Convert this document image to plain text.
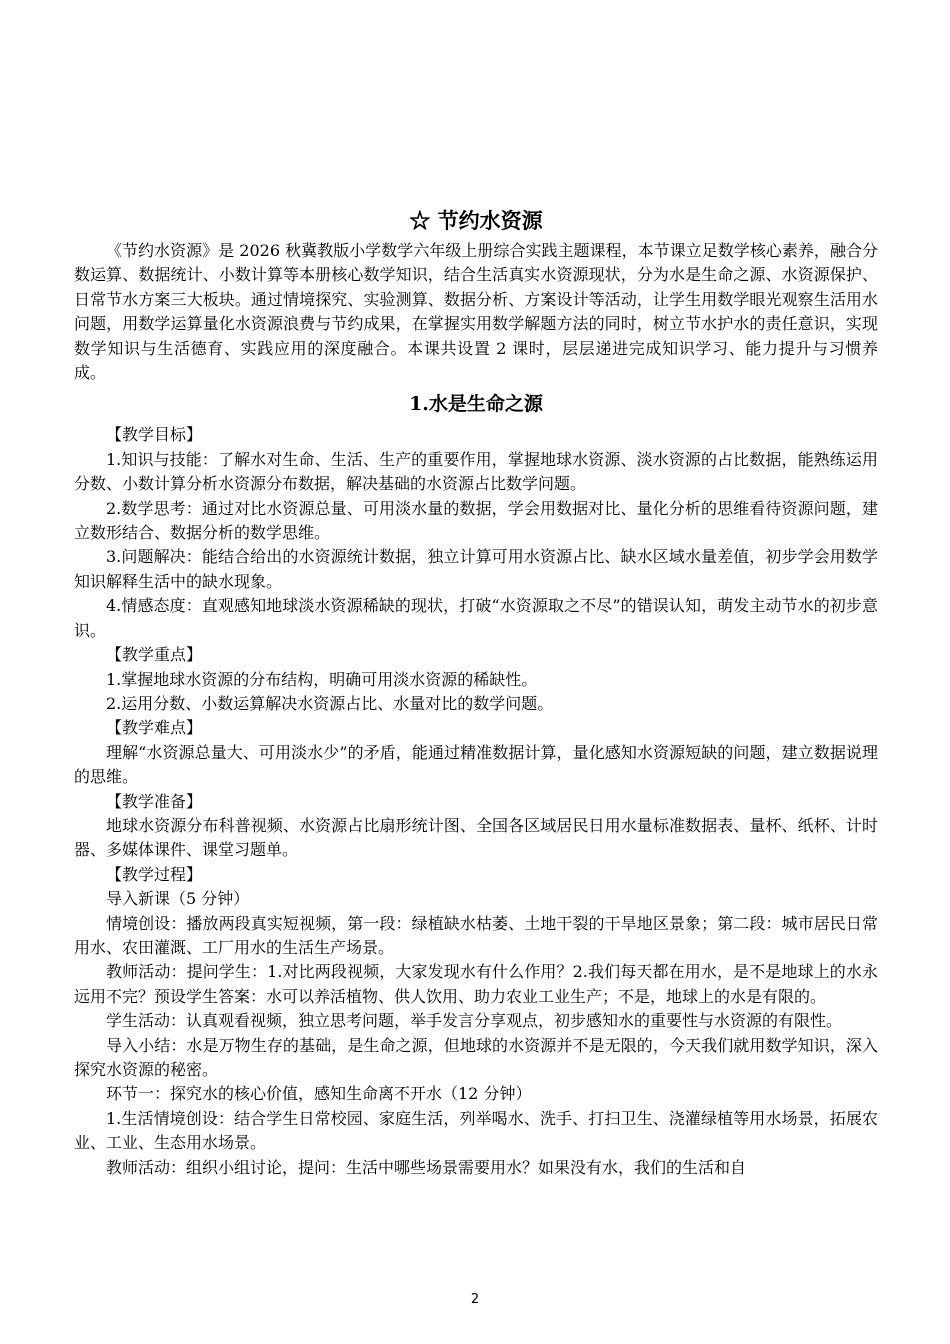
☆ 节约水资源

《节约水资源》是 2026 秋冀教版小学数学六年级上册综合实践主题课程，本节课立足数学核心素养，融合分数运算、数据统计、小数计算等本册核心数学知识，结合生活真实水资源现状，分为水是生命之源、水资源保护、日常节水方案三大板块。通过情境探究、实验测算、数据分析、方案设计等活动，让学生用数学眼光观察生活用水问题，用数学运算量化水资源浪费与节约成果，在掌握实用数学解题方法的同时，树立节水护水的责任意识，实现数学知识与生活德育、实践应用的深度融合。本课共设置 2 课时，层层递进完成知识学习、能力提升与习惯养成。

1.水是生命之源

【教学目标】

1.知识与技能：了解水对生命、生活、生产的重要作用，掌握地球水资源、淡水资源的占比数据，能熟练运用分数、小数计算分析水资源分布数据，解决基础的水资源占比数学问题。

2.数学思考：通过对比水资源总量、可用淡水量的数据，学会用数据对比、量化分析的思维看待资源问题，建立数形结合、数据分析的数学思维。

3.问题解决：能结合给出的水资源统计数据，独立计算可用水资源占比、缺水区域水量差值，初步学会用数学知识解释生活中的缺水现象。

4.情感态度：直观感知地球淡水资源稀缺的现状，打破“水资源取之不尽”的错误认知，萌发主动节水的初步意识。

【教学重点】

1.掌握地球水资源的分布结构，明确可用淡水资源的稀缺性。

2.运用分数、小数运算解决水资源占比、水量对比的数学问题。

【教学难点】

理解“水资源总量大、可用淡水少”的矛盾，能通过精准数据计算，量化感知水资源短缺的问题，建立数据说理的思维。

【教学准备】

地球水资源分布科普视频、水资源占比扇形统计图、全国各区域居民日用水量标准数据表、量杯、纸杯、计时器、多媒体课件、课堂习题单。

【教学过程】

导入新课（5 分钟）

情境创设：播放两段真实短视频，第一段：绿植缺水枯萎、土地干裂的干旱地区景象；第二段：城市居民日常用水、农田灌溉、工厂用水的生活生产场景。

教师活动：提问学生：1.对比两段视频，大家发现水有什么作用？2.我们每天都在用水，是不是地球上的水永远用不完？预设学生答案：水可以养活植物、供人饮用、助力农业工业生产；不是，地球上的水是有限的。

学生活动：认真观看视频，独立思考问题，举手发言分享观点，初步感知水的重要性与水资源的有限性。

导入小结：水是万物生存的基础，是生命之源，但地球的水资源并不是无限的，今天我们就用数学知识，深入探究水资源的秘密。

环节一：探究水的核心价值，感知生命离不开水（12 分钟）

1.生活情境创设：结合学生日常校园、家庭生活，列举喝水、洗手、打扫卫生、浇灌绿植等用水场景，拓展农业、工业、生态用水场景。

教师活动：组织小组讨论，提问：生活中哪些场景需要用水？如果没有水，我们的生活和自

2
